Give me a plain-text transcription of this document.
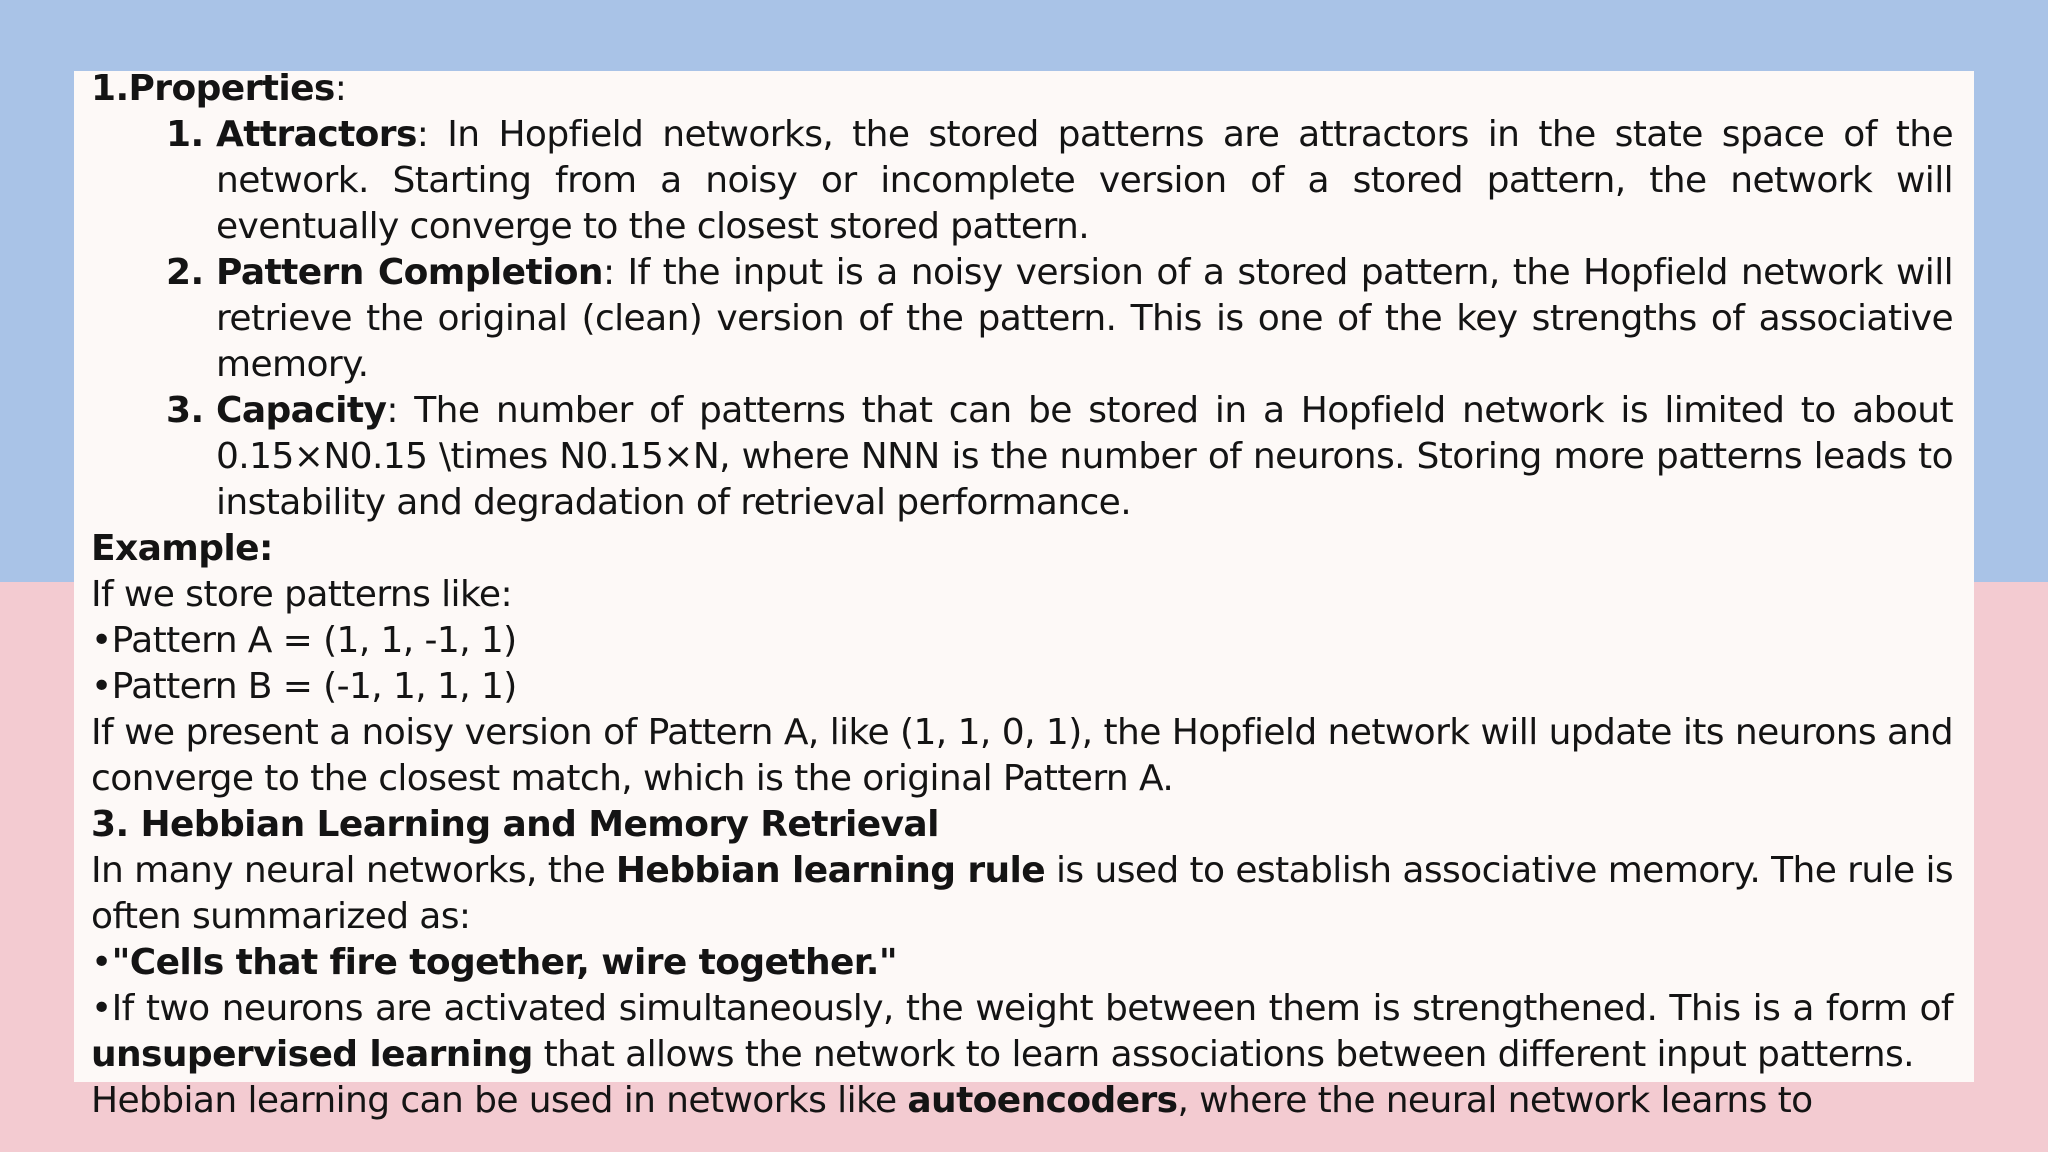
1.Properties:

1. Attractors: In Hopfield networks, the stored patterns are attractors in the state space of the network. Starting from a noisy or incomplete version of a stored pattern, the network will eventually converge to the closest stored pattern.
2. Pattern Completion: If the input is a noisy version of a stored pattern, the Hopfield network will retrieve the original (clean) version of the pattern. This is one of the key strengths of associative memory.
3. Capacity: The number of patterns that can be stored in a Hopfield network is limited to about 0.15×N0.15 \times N0.15×N, where NNN is the number of neurons. Storing more patterns leads to instability and degradation of retrieval performance.

Example:

If we store patterns like:

•Pattern A = (1, 1, -1, 1)

•Pattern B = (-1, 1, 1, 1)

If we present a noisy version of Pattern A, like (1, 1, 0, 1), the Hopfield network will update its neurons and converge to the closest match, which is the original Pattern A.

3. Hebbian Learning and Memory Retrieval

In many neural networks, the Hebbian learning rule is used to establish associative memory. The rule is often summarized as:

•"Cells that fire together, wire together."

•If two neurons are activated simultaneously, the weight between them is strengthened. This is a form of unsupervised learning that allows the network to learn associations between different input patterns.

Hebbian learning can be used in networks like autoencoders, where the neural network learns to
